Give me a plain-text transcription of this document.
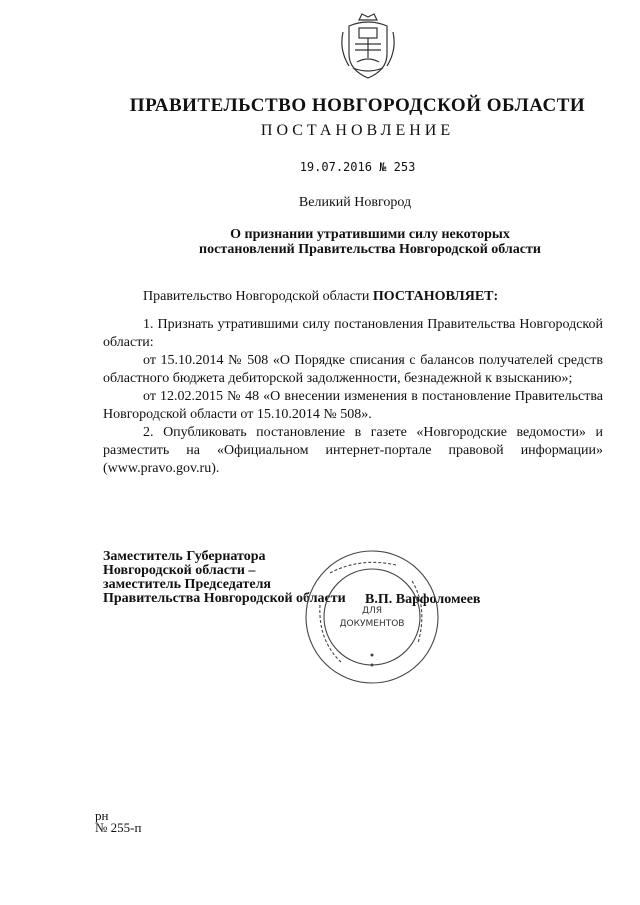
ПРАВИТЕЛЬСТВО НОВГОРОДСКОЙ ОБЛАСТИ
ПОСТАНОВЛЕНИЕ
19.07.2016 № 253
Великий Новгород
О признании утратившими силу некоторых
постановлений Правительства Новгородской области

Правительство Новгородской области ПОСТАНОВЛЯЕТ:

1. Признать утратившими силу постановления Правительства Новгородской области:

от 15.10.2014 № 508 «О Порядке списания с балансов получателей средств областного бюджета дебиторской задолженности, безнадежной к взысканию»;

от 12.02.2015 № 48 «О внесении изменения в постановление Правительства Новгородской области от 15.10.2014 № 508».

2. Опубликовать постановление в газете «Новгородские ведомости» и разместить на «Официальном интернет-портале правовой информации» (www.pravo.gov.ru).

Заместитель Губернатора
Новгородской области –
заместитель Председателя
Правительства Новгородской области В.П. Варфоломеев
ДЛЯ
ДОКУМЕНТОВ
рн
№ 255-п
